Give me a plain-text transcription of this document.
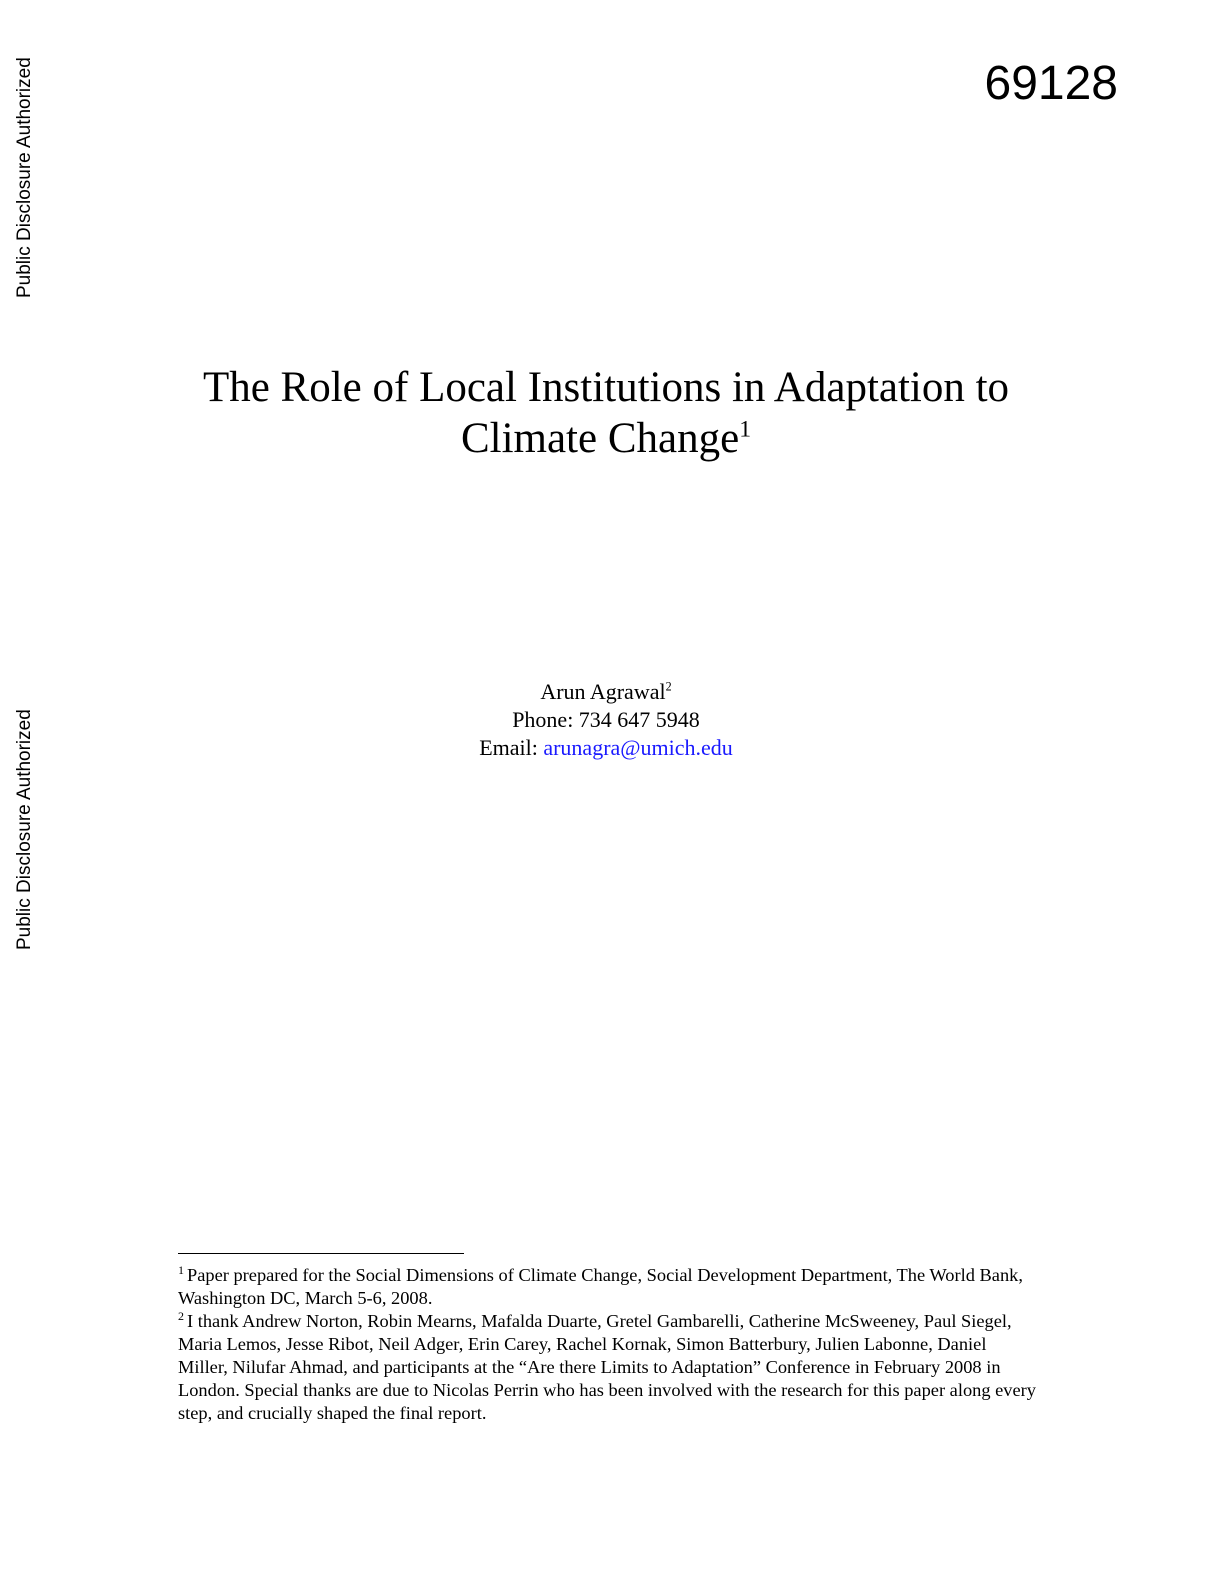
Public Disclosure Authorized
Public Disclosure Authorized
69128
The Role of Local Institutions in Adaptation to
Climate Change$^1$
Arun Agrawal$^2$
Phone: 734 647 5948
Email: arunagra@umich.edu

$^1$ Paper prepared for the Social Dimensions of Climate Change, Social Development Department, The World Bank, Washington DC, March 5-6, 2008.

$^2$ I thank Andrew Norton, Robin Mearns, Mafalda Duarte, Gretel Gambarelli, Catherine McSweeney, Paul Siegel, Maria Lemos, Jesse Ribot, Neil Adger, Erin Carey, Rachel Kornak, Simon Batterbury, Julien Labonne, Daniel Miller, Nilufar Ahmad, and participants at the “Are there Limits to Adaptation” Conference in February 2008 in London. Special thanks are due to Nicolas Perrin who has been involved with the research for this paper along every step, and crucially shaped the final report.
